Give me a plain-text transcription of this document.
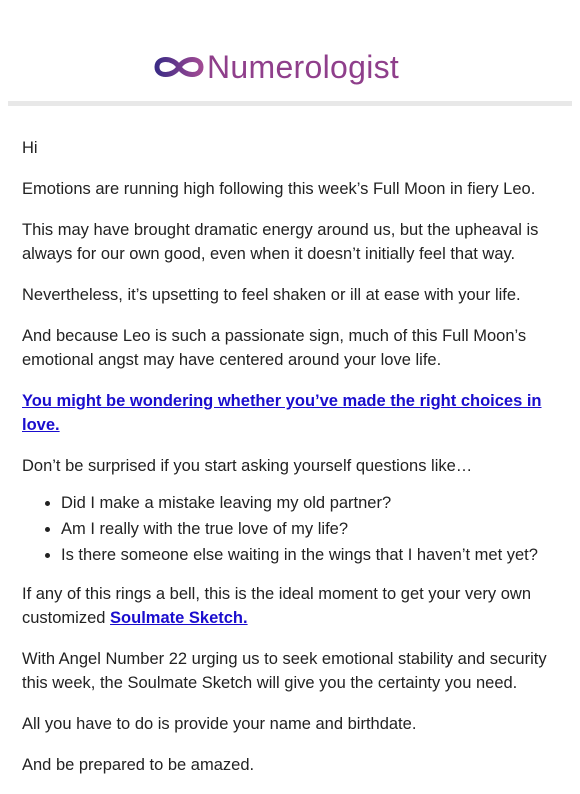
Numerologist

Hi

Emotions are running high following this week’s Full Moon in fiery Leo.

This may have brought dramatic energy around us, but the upheaval is always for our own good, even when it doesn’t initially feel that way.

Nevertheless, it’s upsetting to feel shaken or ill at ease with your life.

And because Leo is such a passionate sign, much of this Full Moon’s emotional angst may have centered around your love life.

You might be wondering whether you’ve made the right choices in love.

Don’t be surprised if you start asking yourself questions like…

• Did I make a mistake leaving my old partner?
• Am I really with the true love of my life?
• Is there someone else waiting in the wings that I haven’t met yet?

If any of this rings a bell, this is the ideal moment to get your very own customized Soulmate Sketch.

With Angel Number 22 urging us to seek emotional stability and security this week, the Soulmate Sketch will give you the certainty you need.

All you have to do is provide your name and birthdate.

And be prepared to be amazed.
